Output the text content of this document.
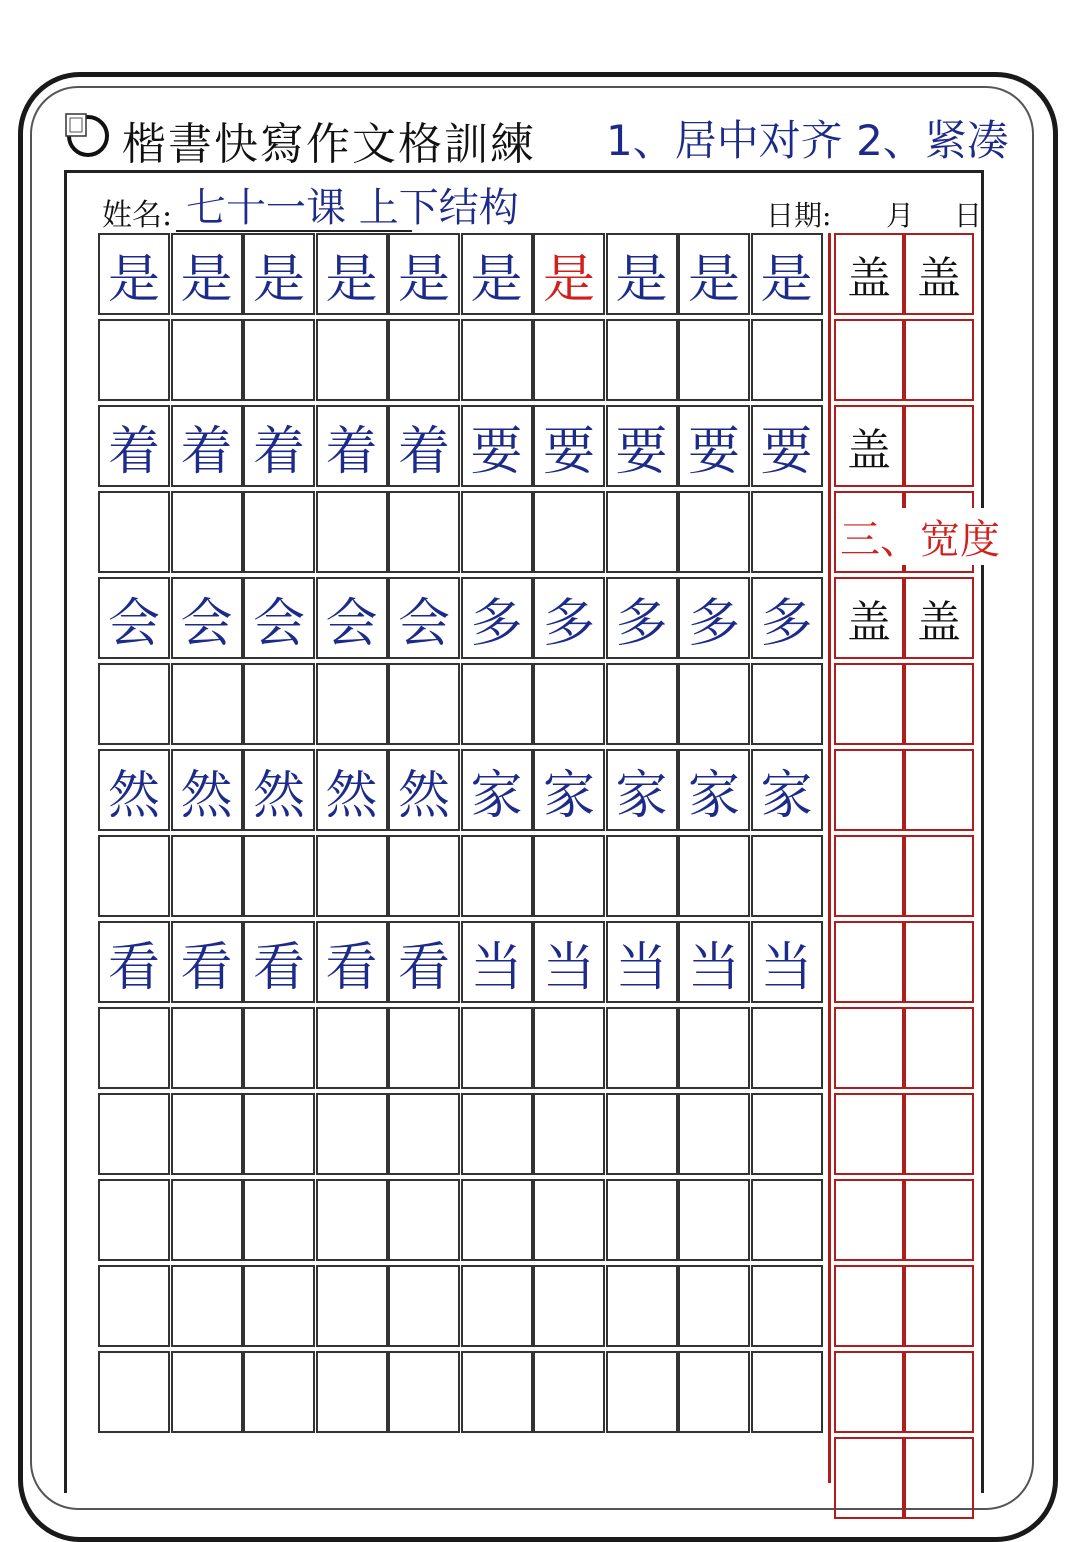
楷書快寫作文格訓練 1、居中对齐 2、紧凑
姓名: 七十一课 上下结构	日期: 月 日
是 是 是 是 是 是 是 是 是 是
着 着 着 着 着 要 要 要 要 要
会 会 会 会 会 多 多 多 多 多
然 然 然 然 然 家 家 家 家 家
看 看 看 看 看 当 当 当 当 当
盖 盖
盖
盖 盖
三、宽度
